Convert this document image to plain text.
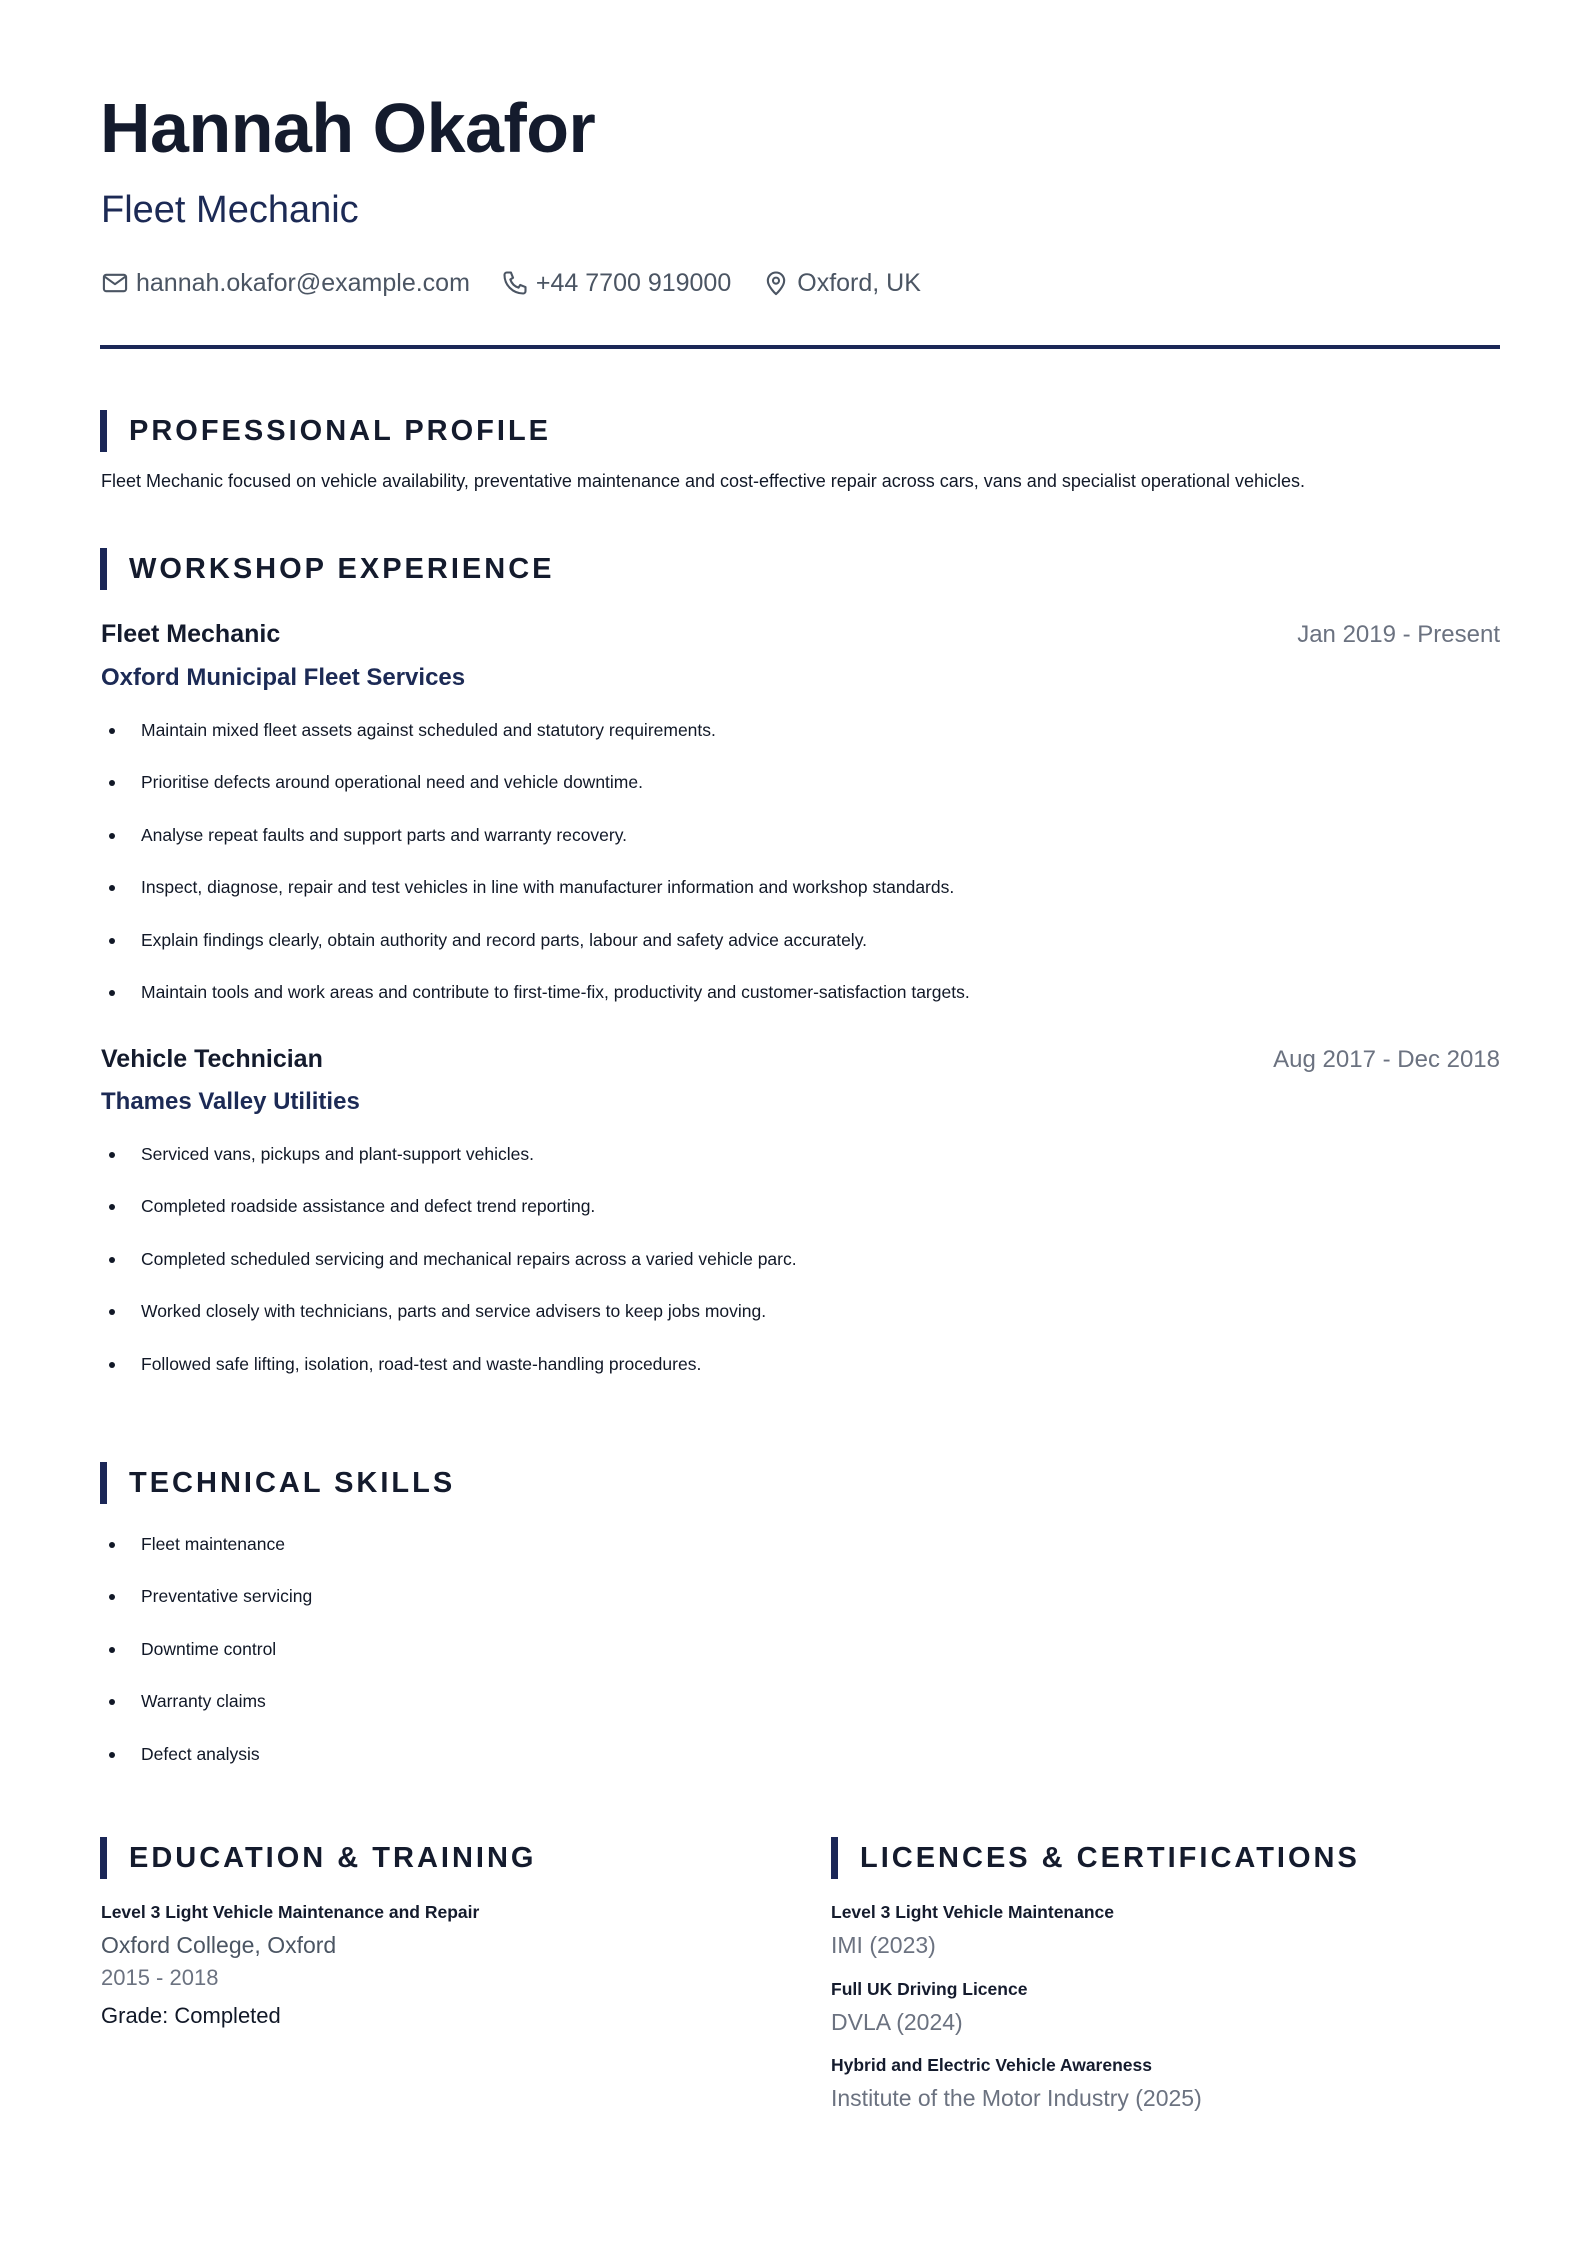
Hannah Okafor
Fleet Mechanic
hannah.okafor@example.com	+44 7700 919000	Oxford, UK
PROFESSIONAL PROFILE

Fleet Mechanic focused on vehicle availability, preventative maintenance and cost-effective repair across cars, vans and specialist operational vehicles.

WORKSHOP EXPERIENCE
Fleet Mechanic	Jan 2019 - Present
Oxford Municipal Fleet Services
Maintain mixed fleet assets against scheduled and statutory requirements.
Prioritise defects around operational need and vehicle downtime.
Analyse repeat faults and support parts and warranty recovery.
Inspect, diagnose, repair and test vehicles in line with manufacturer information and workshop standards.
Explain findings clearly, obtain authority and record parts, labour and safety advice accurately.
Maintain tools and work areas and contribute to first-time-fix, productivity and customer-satisfaction targets.
Vehicle Technician	Aug 2017 - Dec 2018
Thames Valley Utilities
Serviced vans, pickups and plant-support vehicles.
Completed roadside assistance and defect trend reporting.
Completed scheduled servicing and mechanical repairs across a varied vehicle parc.
Worked closely with technicians, parts and service advisers to keep jobs moving.
Followed safe lifting, isolation, road-test and waste-handling procedures.
TECHNICAL SKILLS
Fleet maintenance
Preventative servicing
Downtime control
Warranty claims
Defect analysis
EDUCATION & TRAINING
Level 3 Light Vehicle Maintenance and Repair
Oxford College, Oxford
2015 - 2018
Grade: Completed
LICENCES & CERTIFICATIONS
Level 3 Light Vehicle Maintenance
IMI (2023)
Full UK Driving Licence
DVLA (2024)
Hybrid and Electric Vehicle Awareness
Institute of the Motor Industry (2025)
